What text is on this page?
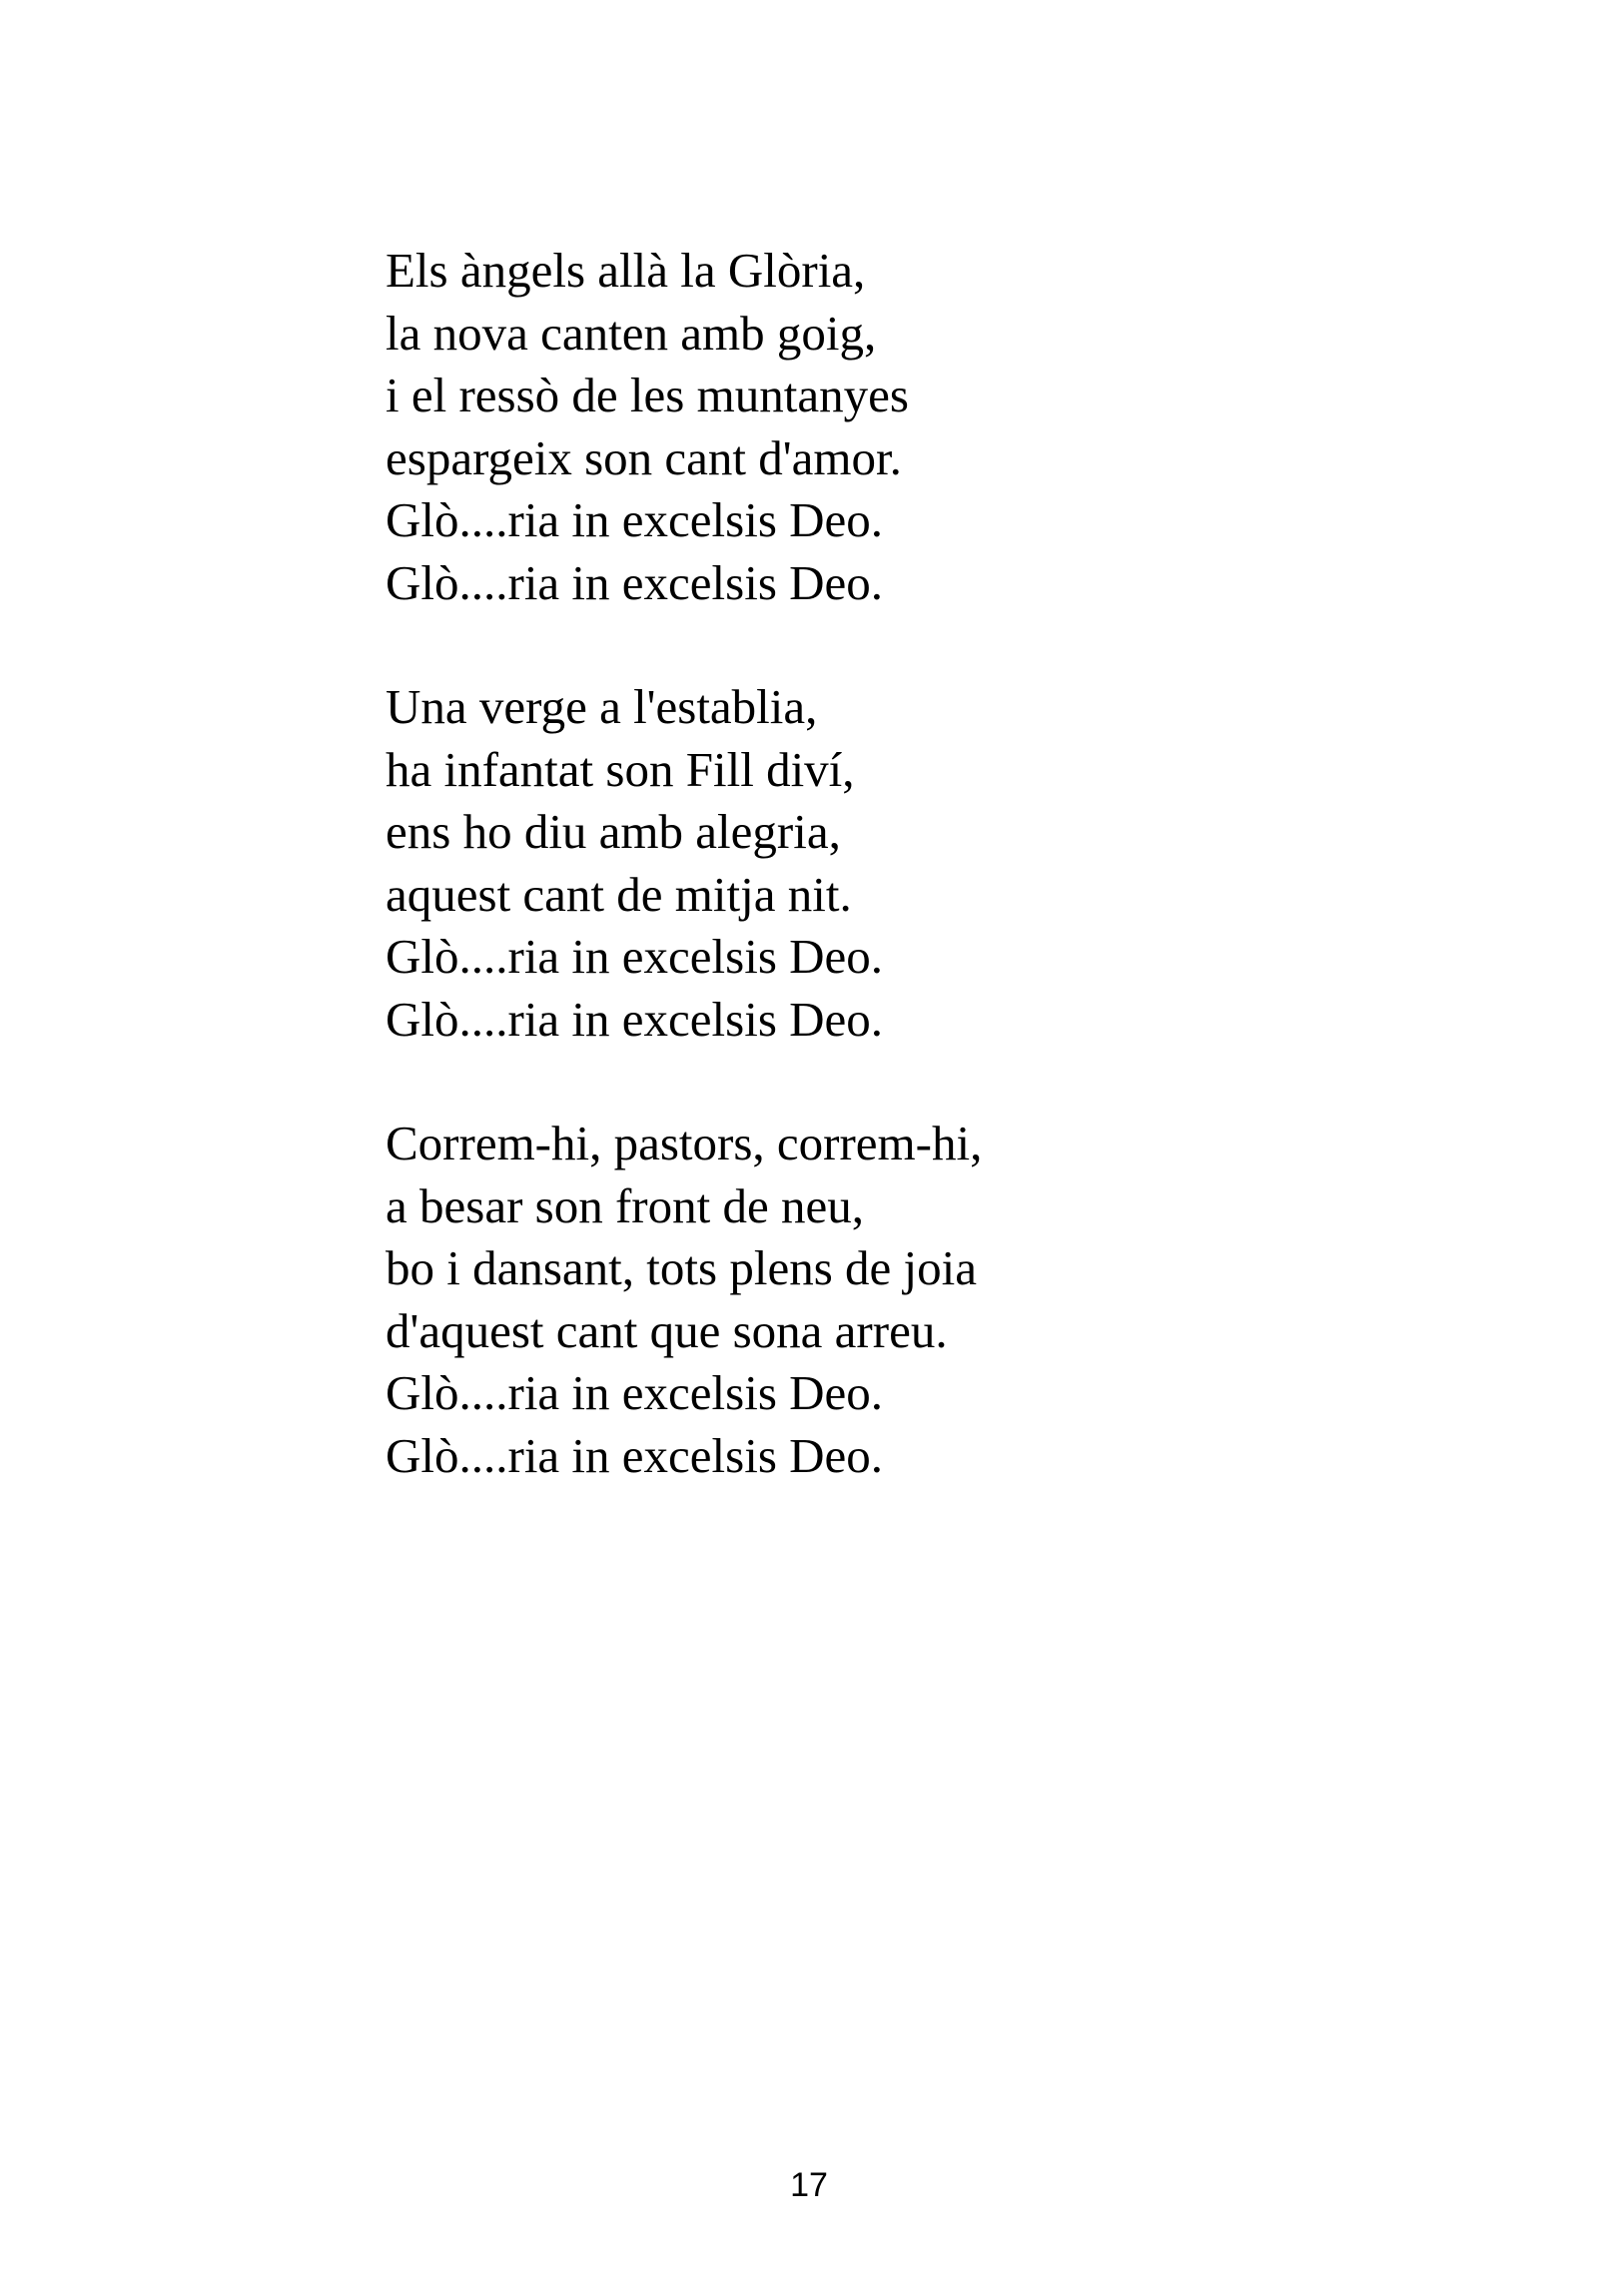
Els àngels allà la Glòria,
la nova canten amb goig,
i el ressò de les muntanyes
espargeix son cant d'amor.
Glò....ria in excelsis Deo.
Glò....ria in excelsis Deo.
Una verge a l'establia,
ha infantat son Fill diví,
ens ho diu amb alegria,
aquest cant de mitja nit.
Glò....ria in excelsis Deo.
Glò....ria in excelsis Deo.
Correm-hi, pastors, correm-hi,
a besar son front de neu,
bo i dansant, tots plens de joia
d'aquest cant que sona arreu.
Glò....ria in excelsis Deo.
Glò....ria in excelsis Deo.
17
